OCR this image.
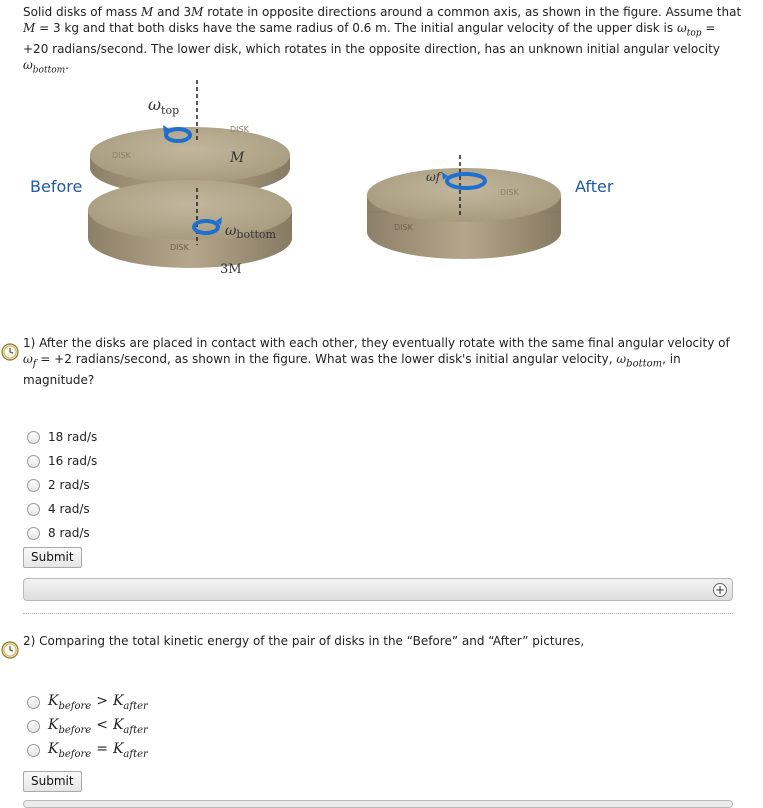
Solid disks of mass M and 3M rotate in opposite directions around a common axis, as shown in the figure. Assume that M = 3 kg and that both disks have the same radius of 0.6 m. The initial angular velocity of the upper disk is $\omega_{top} = +20$ radians/second. The lower disk, which rotates in the opposite direction, has an unknown initial angular velocity $\omega_{bottom}$.
DISK
DISK	M
$\omega_{top}$
Before
DISK
3M
$\omega_{bottom}$
DISK
DISK
ωf	After
1) After the disks are placed in contact with each other, they eventually rotate with the same final angular velocity of $\omega_f = +2$ radians/second, as shown in the figure. What was the lower disk's initial angular velocity, $\omega_{bottom}$, in magnitude?
18 rad/s
16 rad/s
2 rad/s
4 rad/s
8 rad/s
Submit
+
2) Comparing the total kinetic energy of the pair of disks in the “Before” and “After” pictures,
$K_{before} > K_{after}$
$K_{before} < K_{after}$
$K_{before} = K_{after}$
Submit
